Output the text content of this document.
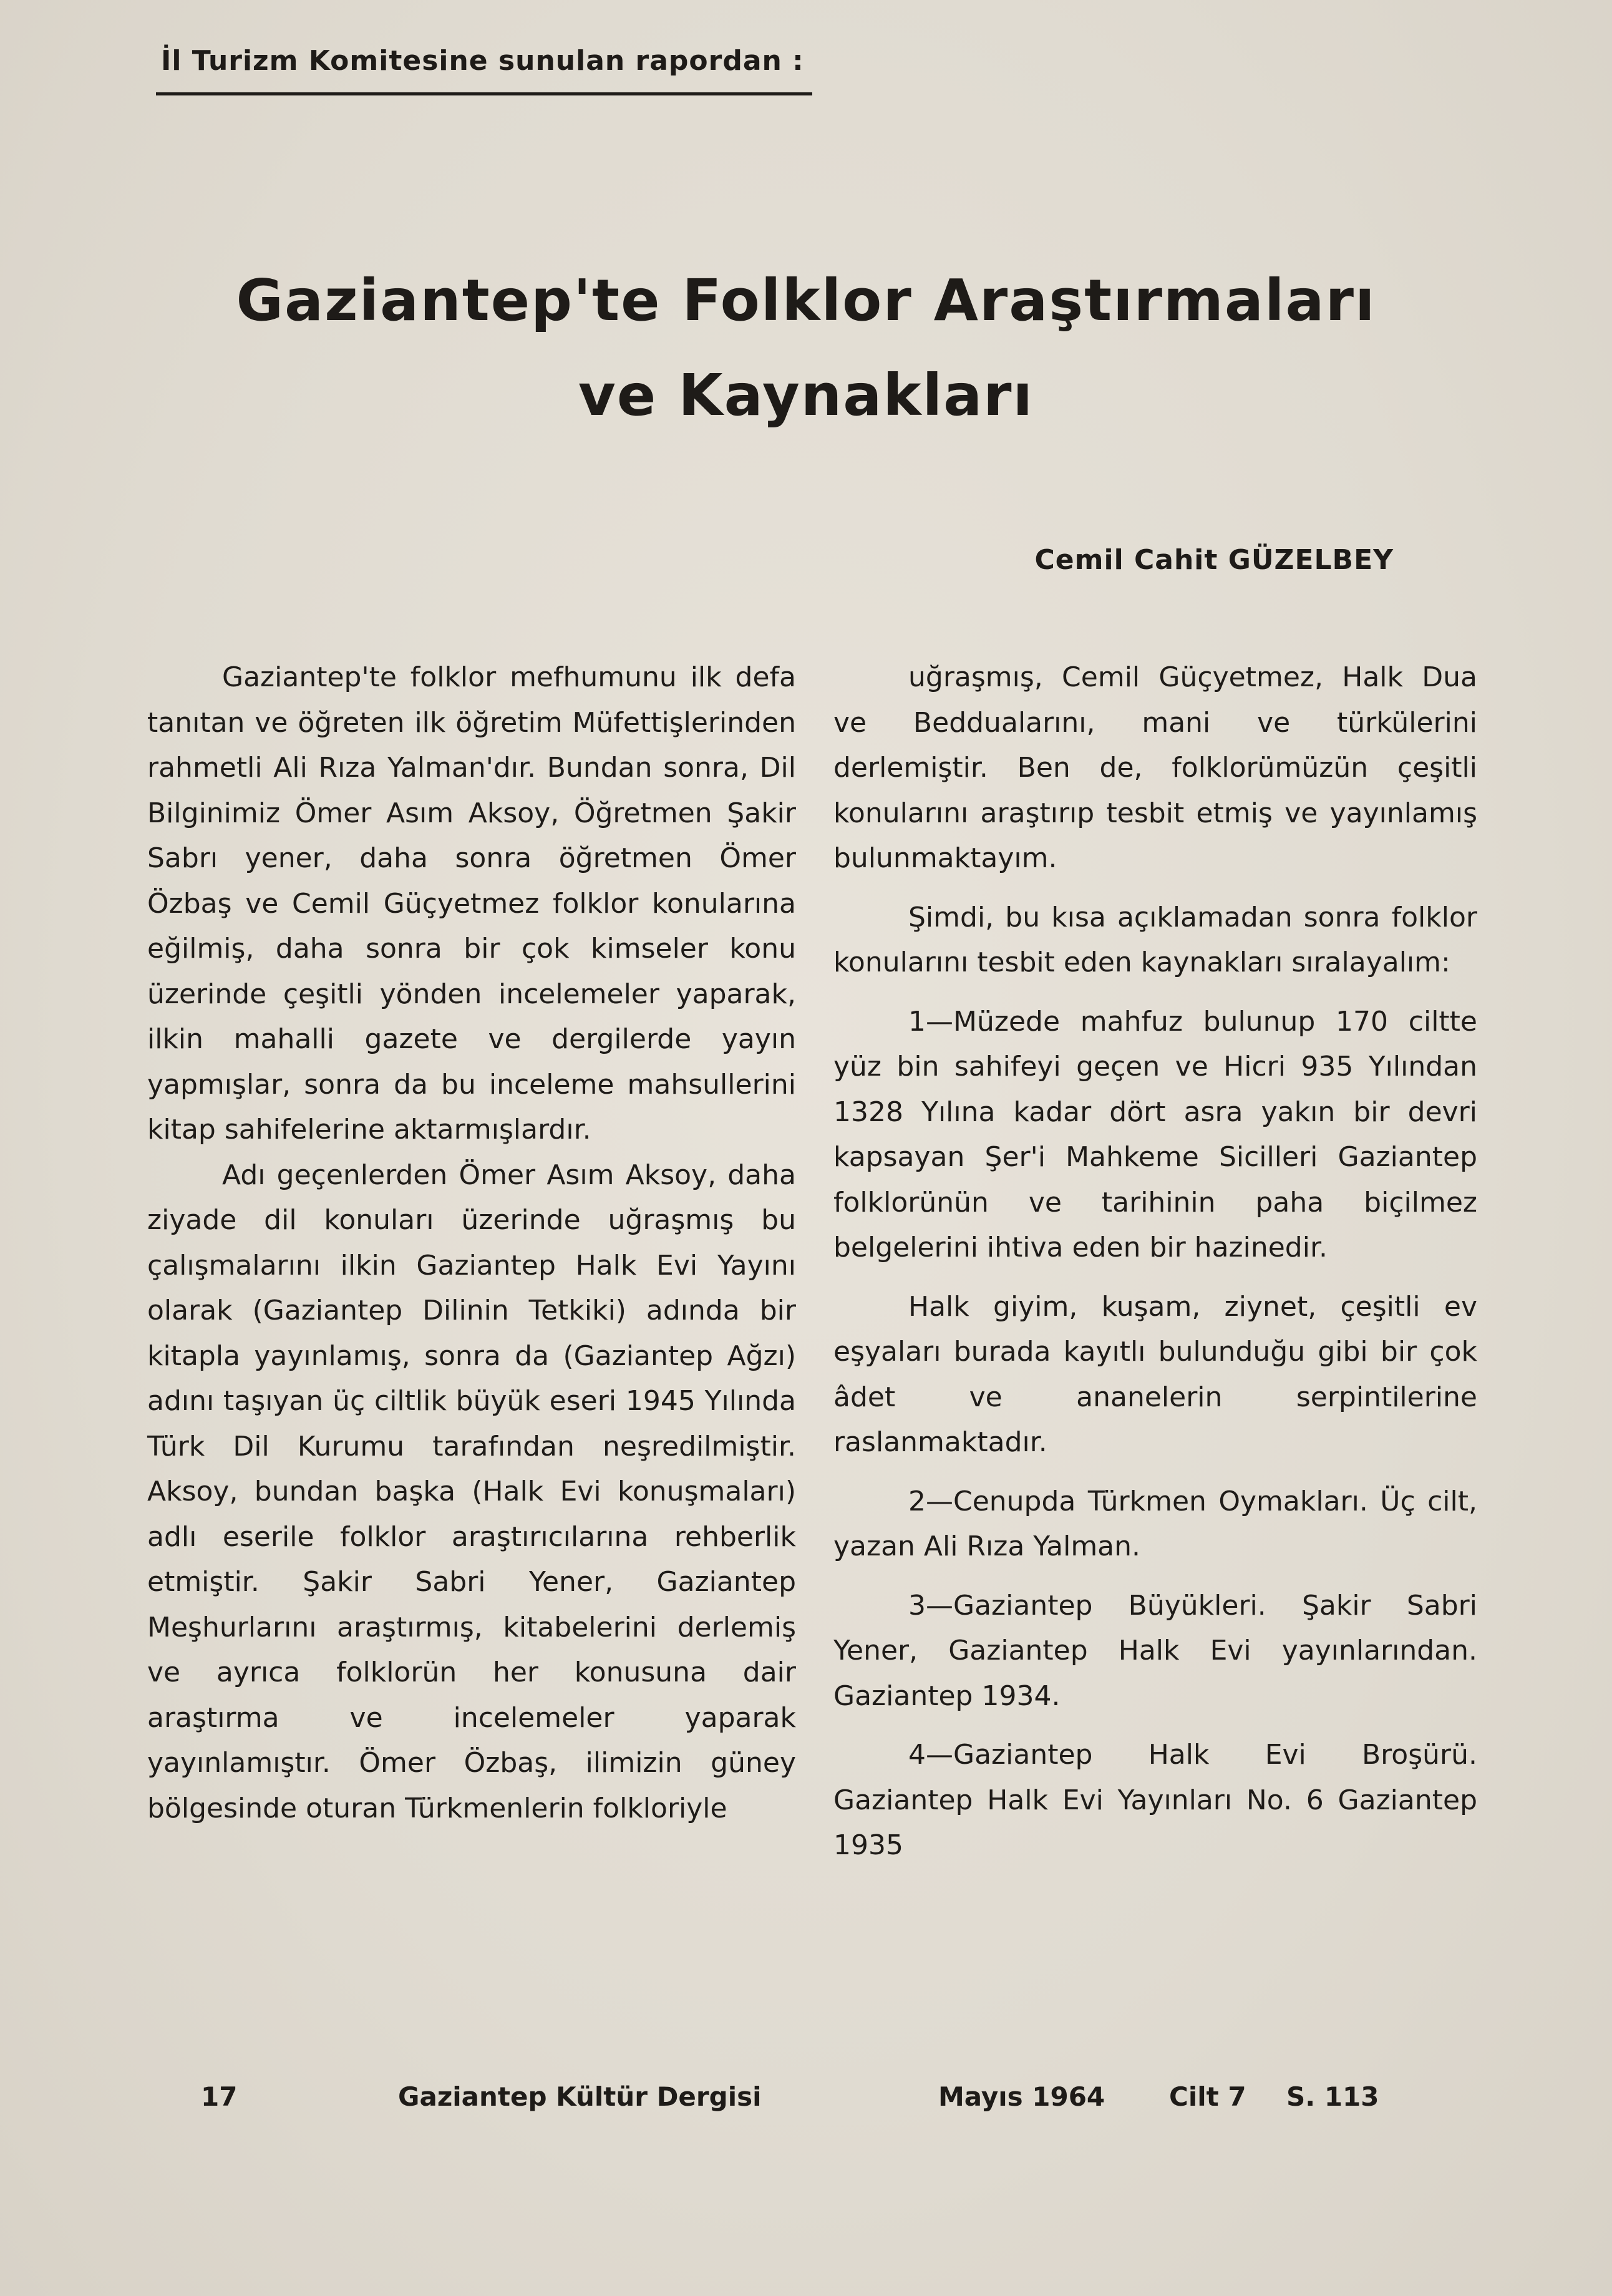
İl Turizm Komitesine sunulan rapordan :
Gaziantep'te Folklor Araştırmaları
ve Kaynakları
Cemil Cahit GÜZELBEY

Gaziantep'te folklor mefhumunu ilk defa tanıtan ve öğreten ilk öğretim Müfettişlerinden rahmetli Ali Rıza Yalman'dır. Bundan sonra, Dil Bilginimiz Ömer Asım Aksoy, Öğretmen Şakir Sabrı yener, daha sonra öğretmen Ömer Özbaş ve Cemil Güçyetmez folklor konularına eğilmiş, daha sonra bir çok kimseler konu üzerinde çeşitli yönden incelemeler yaparak, ilkin mahalli gazete ve dergilerde yayın yapmışlar, sonra da bu inceleme mahsullerini kitap sahifelerine aktarmışlardır.

Adı geçenlerden Ömer Asım Aksoy, daha ziyade dil konuları üzerinde uğraşmış bu çalışmalarını ilkin Gaziantep Halk Evi Yayını olarak (Gaziantep Dilinin Tetkiki) adında bir kitapla yayınlamış, sonra da (Gaziantep Ağzı) adını taşıyan üç ciltlik büyük eseri 1945 Yılında Türk Dil Kurumu tarafından neşredilmiştir. Aksoy, bundan başka (Halk Evi konuşmaları) adlı eserile folklor araştırıcılarına rehberlik etmiştir. Şakir Sabri Yener, Gaziantep Meşhurlarını araştırmış, kitabelerini derlemiş ve ayrıca folklorün her konusuna dair araştırma ve incelemeler yaparak yayınlamıştır. Ömer Özbaş, ilimizin güney bölgesinde oturan Türkmenlerin folkloriyle

uğraşmış, Cemil Güçyetmez, Halk Dua ve Beddualarını, mani ve türkülerini derlemiştir. Ben de, folklorümüzün çeşitli konularını araştırıp tesbit etmiş ve yayınlamış bulunmaktayım.

Şimdi, bu kısa açıklamadan sonra folklor konularını tesbit eden kaynakları sıralayalım:

1—Müzede mahfuz bulunup 170 ciltte yüz bin sahifeyi geçen ve Hicri 935 Yılından 1328 Yılına kadar dört asra yakın bir devri kapsayan Şer'i Mahkeme Sicilleri Gaziantep folklorünün ve tarihinin paha biçilmez belgelerini ihtiva eden bir hazinedir.

Halk giyim, kuşam, ziynet, çeşitli ev eşyaları burada kayıtlı bulunduğu gibi bir çok âdet ve ananelerin serpintilerine raslanmaktadır.

2—Cenupda Türkmen Oymakları. Üç cilt, yazan Ali Rıza Yalman.

3—Gaziantep Büyükleri. Şakir Sabri Yener, Gaziantep Halk Evi yayınlarından. Gaziantep 1934.

4—Gaziantep Halk Evi Broşürü. Gaziantep Halk Evi Yayınları No. 6 Gaziantep 1935

17	Gaziantep Kültür Dergisi	Mayıs 1964 Cilt 7 S. 113
